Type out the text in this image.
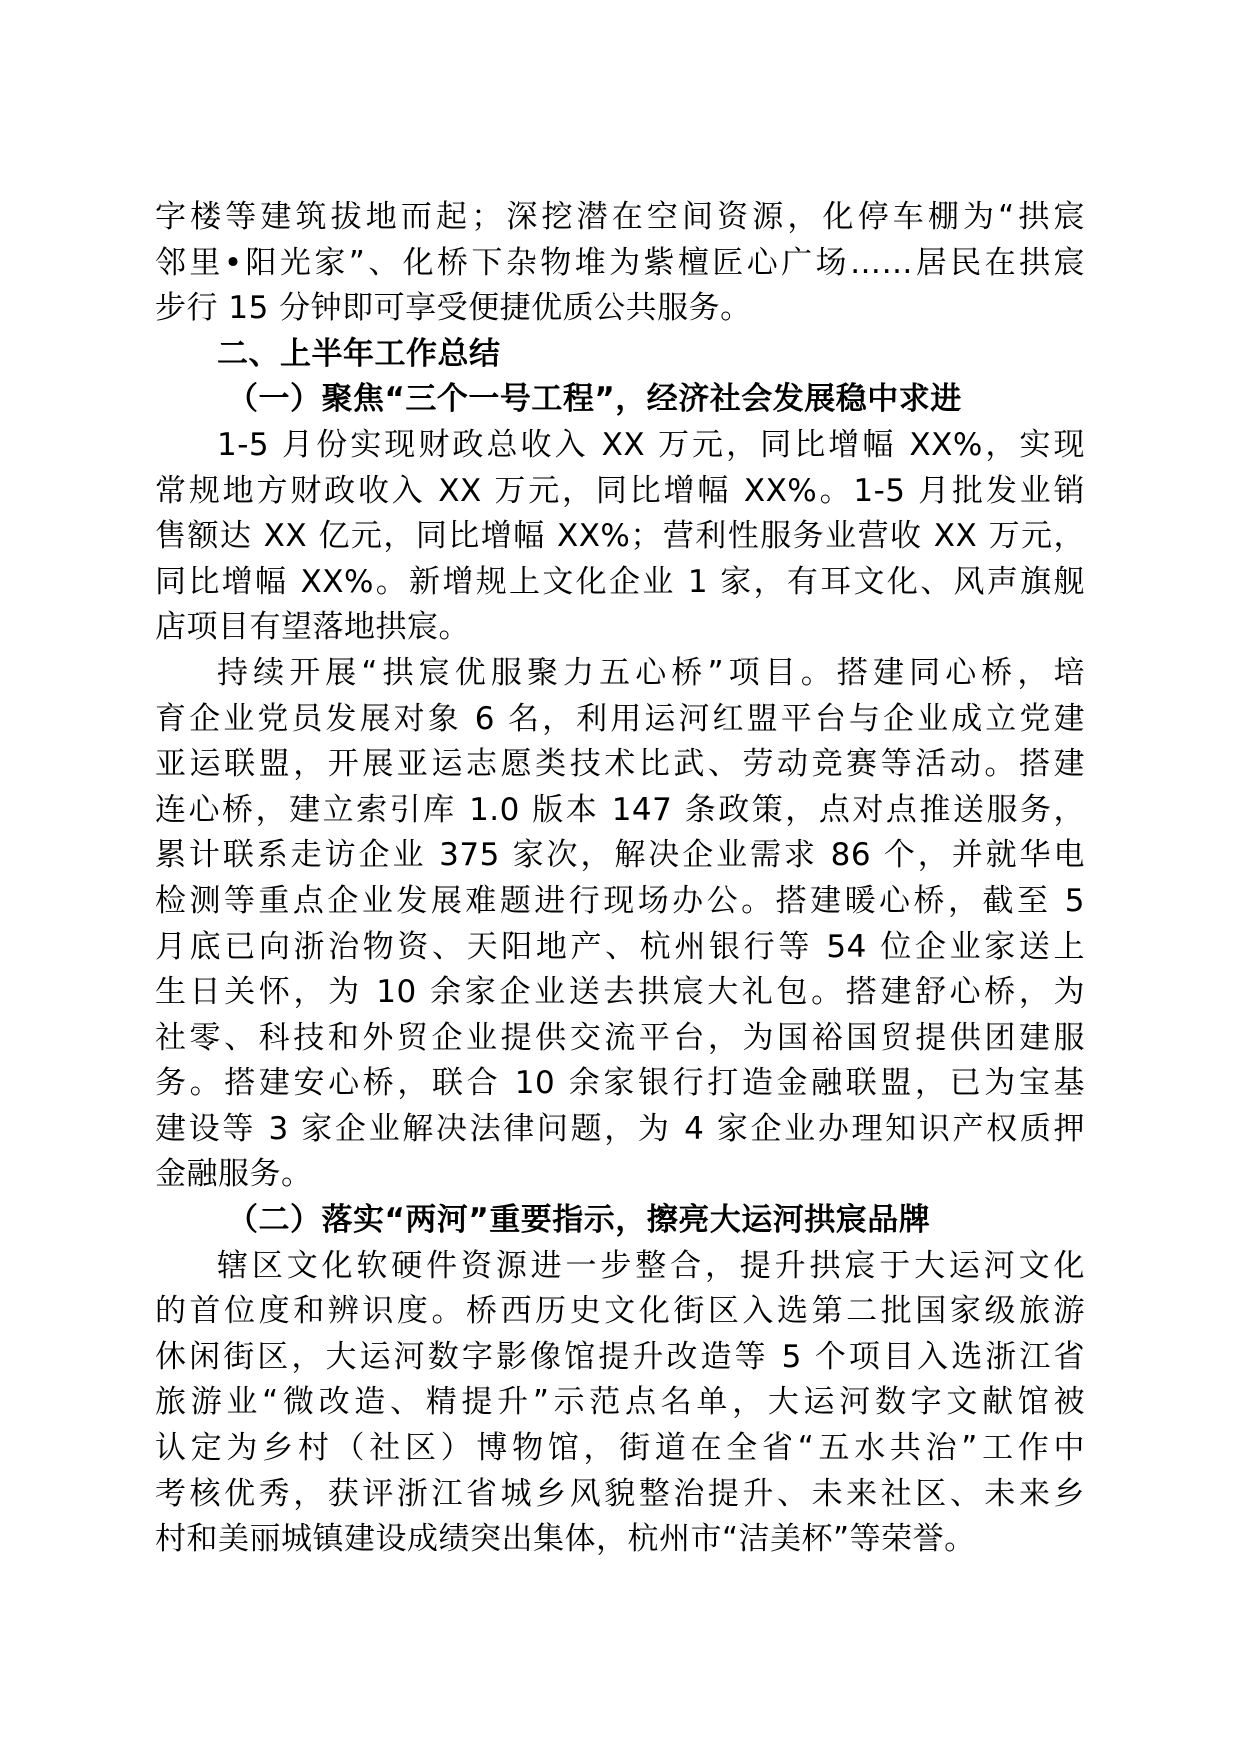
字楼等建筑拔地而起；深挖潜在空间资源，化停车棚为“拱宸
邻里•阳光家”、化桥下杂物堆为紫檀匠心广场……居民在拱宸
步行 15 分钟即可享受便捷优质公共服务。
二、上半年工作总结
（一）聚焦“三个一号工程”，经济社会发展稳中求进
1-5 月份实现财政总收入 XX 万元，同比增幅 XX%，实现
常规地方财政收入 XX 万元，同比增幅 XX%。1-5 月批发业销
售额达 XX 亿元，同比增幅 XX%；营利性服务业营收 XX 万元，
同比增幅 XX%。新增规上文化企业 1 家，有耳文化、风声旗舰
店项目有望落地拱宸。
持续开展“拱宸优服聚力五心桥”项目。搭建同心桥，培
育企业党员发展对象 6 名，利用运河红盟平台与企业成立党建
亚运联盟，开展亚运志愿类技术比武、劳动竞赛等活动。搭建
连心桥，建立索引库 1.0 版本 147 条政策，点对点推送服务，
累计联系走访企业 375 家次，解决企业需求 86 个，并就华电
检测等重点企业发展难题进行现场办公。搭建暖心桥，截至 5
月底已向浙治物资、天阳地产、杭州银行等 54 位企业家送上
生日关怀，为 10 余家企业送去拱宸大礼包。搭建舒心桥，为
社零、科技和外贸企业提供交流平台，为国裕国贸提供团建服
务。搭建安心桥，联合 10 余家银行打造金融联盟，已为宝基
建设等 3 家企业解决法律问题，为 4 家企业办理知识产权质押
金融服务。
（二）落实“两河”重要指示，擦亮大运河拱宸品牌
辖区文化软硬件资源进一步整合，提升拱宸于大运河文化
的首位度和辨识度。桥西历史文化街区入选第二批国家级旅游
休闲街区，大运河数字影像馆提升改造等 5 个项目入选浙江省
旅游业“微改造、精提升”示范点名单，大运河数字文献馆被
认定为乡村（社区）博物馆，街道在全省“五水共治”工作中
考核优秀，获评浙江省城乡风貌整治提升、未来社区、未来乡
村和美丽城镇建设成绩突出集体，杭州市“洁美杯”等荣誉。
